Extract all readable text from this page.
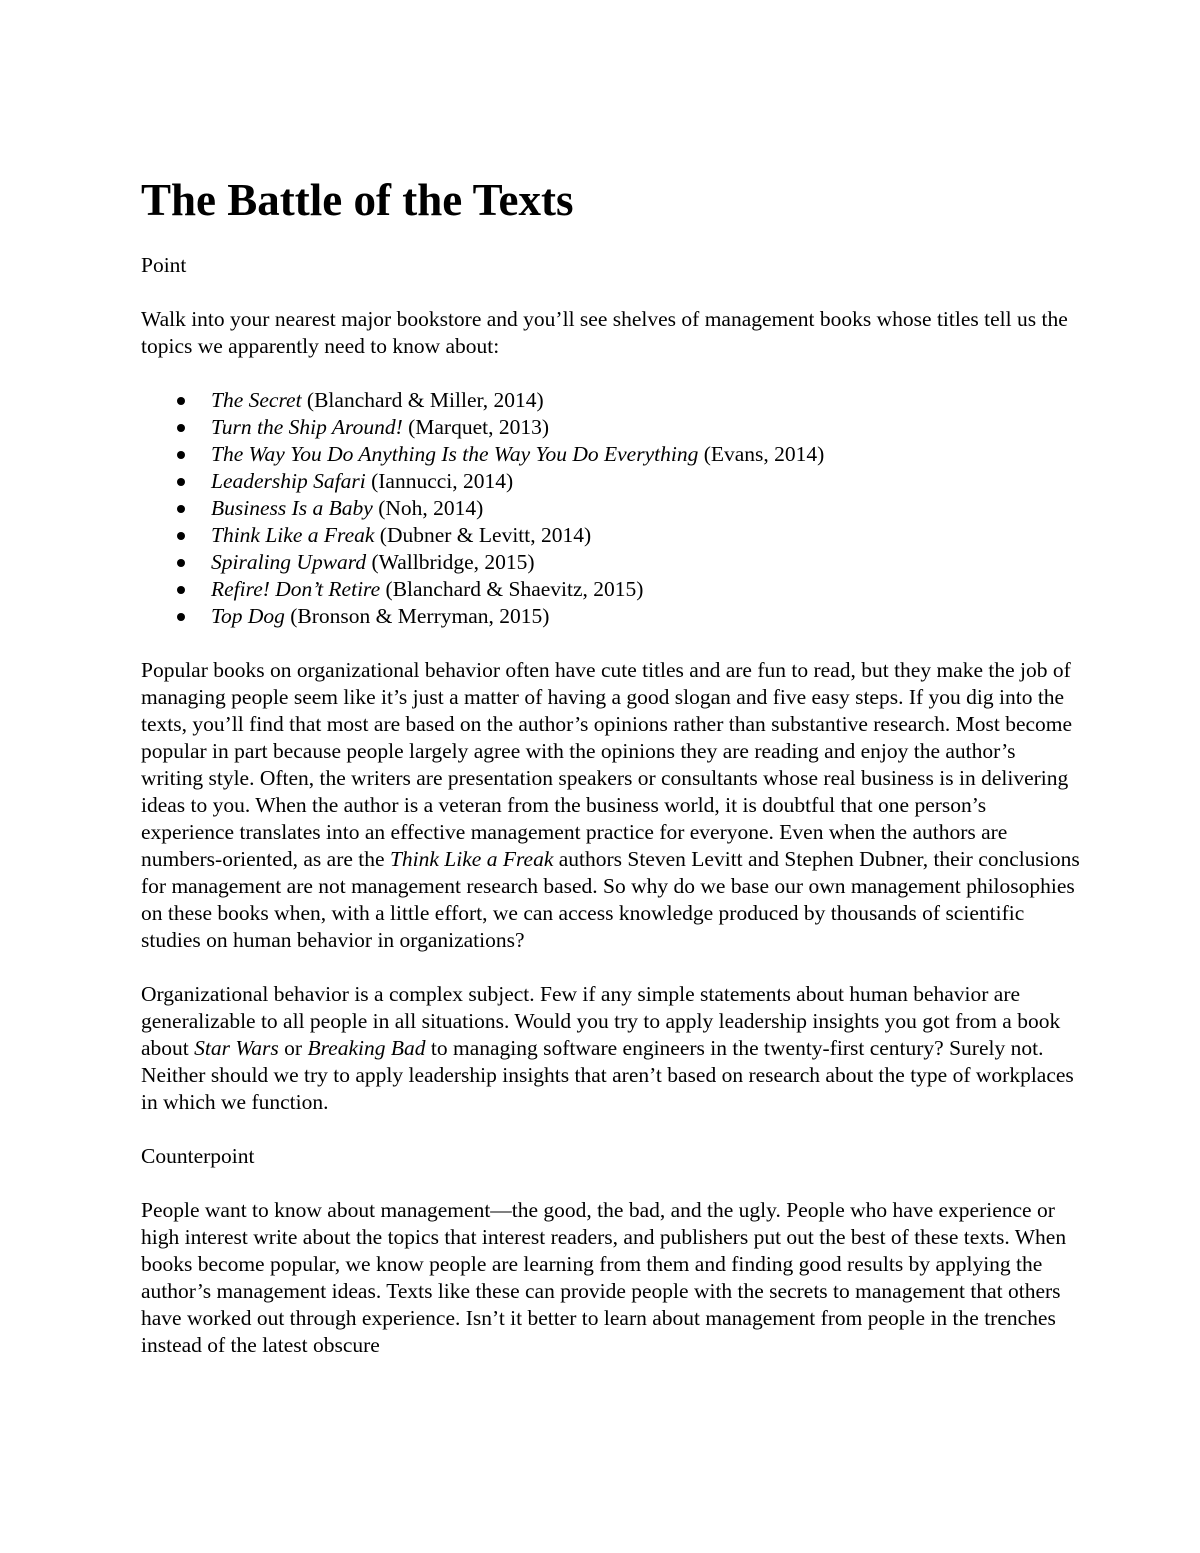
The Battle of the Texts
Point

Walk into your nearest major bookstore and you’ll see shelves of management books whose titles tell us the topics we apparently need to know about:

The Secret (Blanchard & Miller, 2014)
Turn the Ship Around! (Marquet, 2013)
The Way You Do Anything Is the Way You Do Everything (Evans, 2014)
Leadership Safari (Iannucci, 2014)
Business Is a Baby (Noh, 2014)
Think Like a Freak (Dubner & Levitt, 2014)
Spiraling Upward (Wallbridge, 2015)
Refire! Don’t Retire (Blanchard & Shaevitz, 2015)
Top Dog (Bronson & Merryman, 2015)

Popular books on organizational behavior often have cute titles and are fun to read, but they make the job of managing people seem like it’s just a matter of having a good slogan and five easy steps. If you dig into the texts, you’ll find that most are based on the author’s opinions rather than substantive research. Most become popular in part because people largely agree with the opinions they are reading and enjoy the author’s writing style. Often, the writers are presentation speakers or consultants whose real business is in delivering ideas to you. When the author is a veteran from the business world, it is doubtful that one person’s experience translates into an effective management practice for everyone. Even when the authors are numbers-oriented, as are the Think Like a Freak authors Steven Levitt and Stephen Dubner, their conclusions for management are not management research based. So why do we base our own management philosophies on these books when, with a little effort, we can access knowledge produced by thousands of scientific studies on human behavior in organizations?

Organizational behavior is a complex subject. Few if any simple statements about human behavior are generalizable to all people in all situations. Would you try to apply leadership insights you got from a book about Star Wars or Breaking Bad to managing software engineers in the twenty-first century? Surely not. Neither should we try to apply leadership insights that aren’t based on research about the type of workplaces in which we function.

Counterpoint

People want to know about management—the good, the bad, and the ugly. People who have experience or high interest write about the topics that interest readers, and publishers put out the best of these texts. When books become popular, we know people are learning from them and finding good results by applying the author’s management ideas. Texts like these can provide people with the secrets to management that others have worked out through experience. Isn’t it better to learn about management from people in the trenches instead of the latest obscure
